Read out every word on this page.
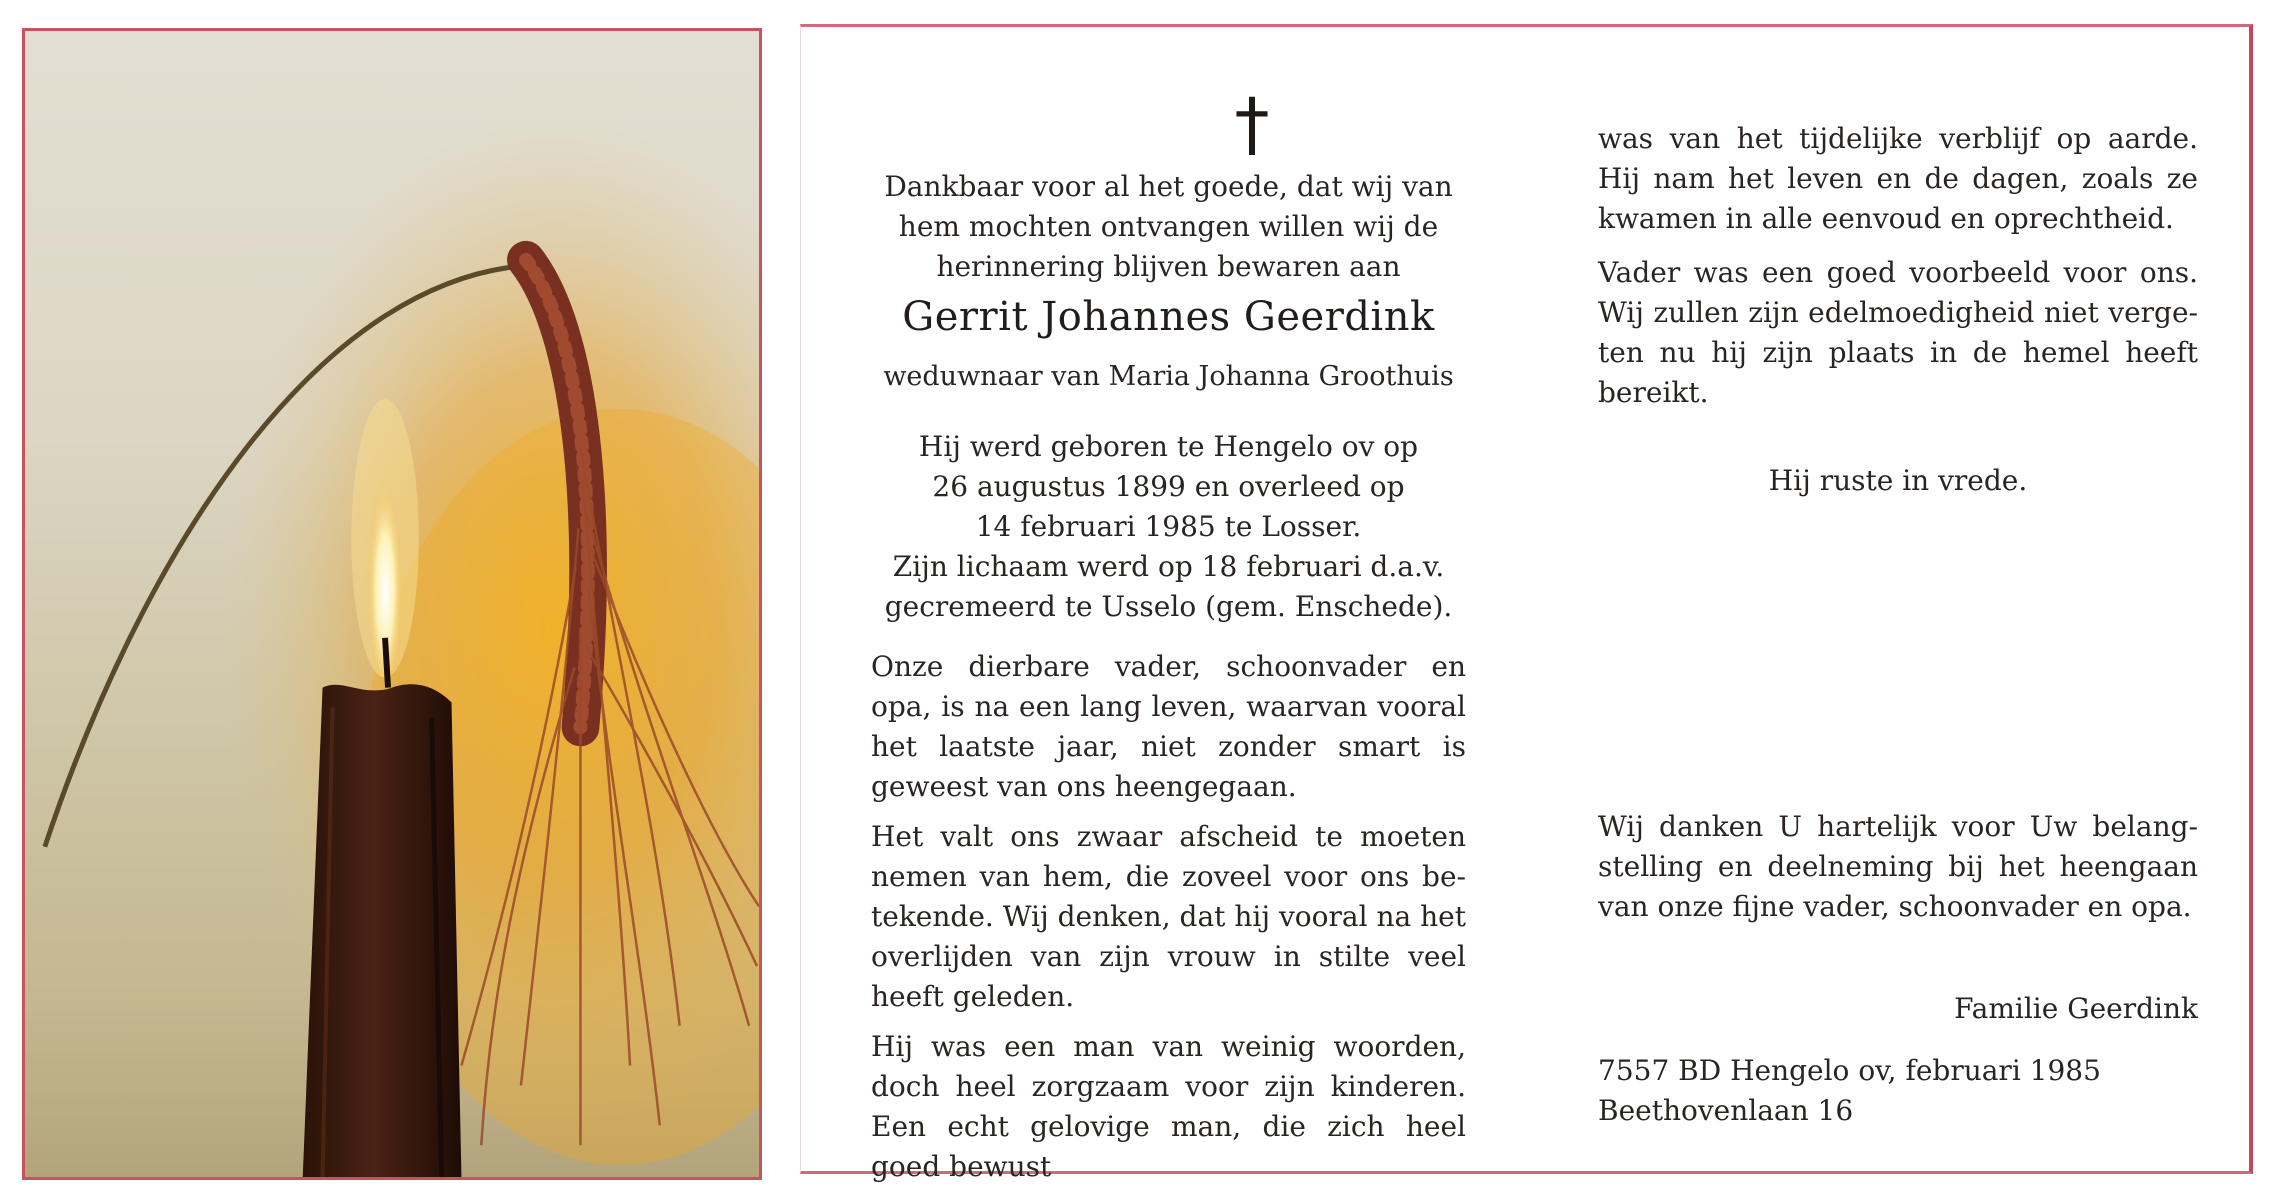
†

Dankbaar voor al het goede, dat wij van

hem mochten ontvangen willen wij de

herinnering blijven bewaren aan

Gerrit Johannes Geerdink

weduwnaar van Maria Johanna Groothuis

Hij werd geboren te Hengelo ov op

26 augustus 1899 en overleed op

14 februari 1985 te Losser.

Zijn lichaam werd op 18 februari d.a.v.

gecremeerd te Usselo (gem. Enschede).

Onze dierbare vader, schoonvader en opa, is na een lang leven, waarvan vooral het laatste jaar, niet zonder smart is geweest van ons heengegaan.

Het valt ons zwaar afscheid te moeten nemen van hem, die zoveel voor ons betekende. Wij denken, dat hij vooral na het overlijden van zijn vrouw in stilte veel heeft geleden.

Hij was een man van weinig woorden, doch heel zorgzaam voor zijn kinderen. Een echt gelovige man, die zich heel goed bewust

was van het tijdelijke verblijf op aarde. Hij nam het leven en de dagen, zoals ze kwamen in alle eenvoud en oprechtheid.

Vader was een goed voorbeeld voor ons. Wij zullen zijn edelmoedigheid niet vergeten nu hij zijn plaats in de hemel heeft bereikt.

Hij ruste in vrede.

Wij danken U hartelijk voor Uw belangstelling en deelneming bij het heengaan van onze fijne vader, schoonvader en opa.

Familie Geerdink

7557 BD Hengelo ov, februari 1985
Beethovenlaan 16
